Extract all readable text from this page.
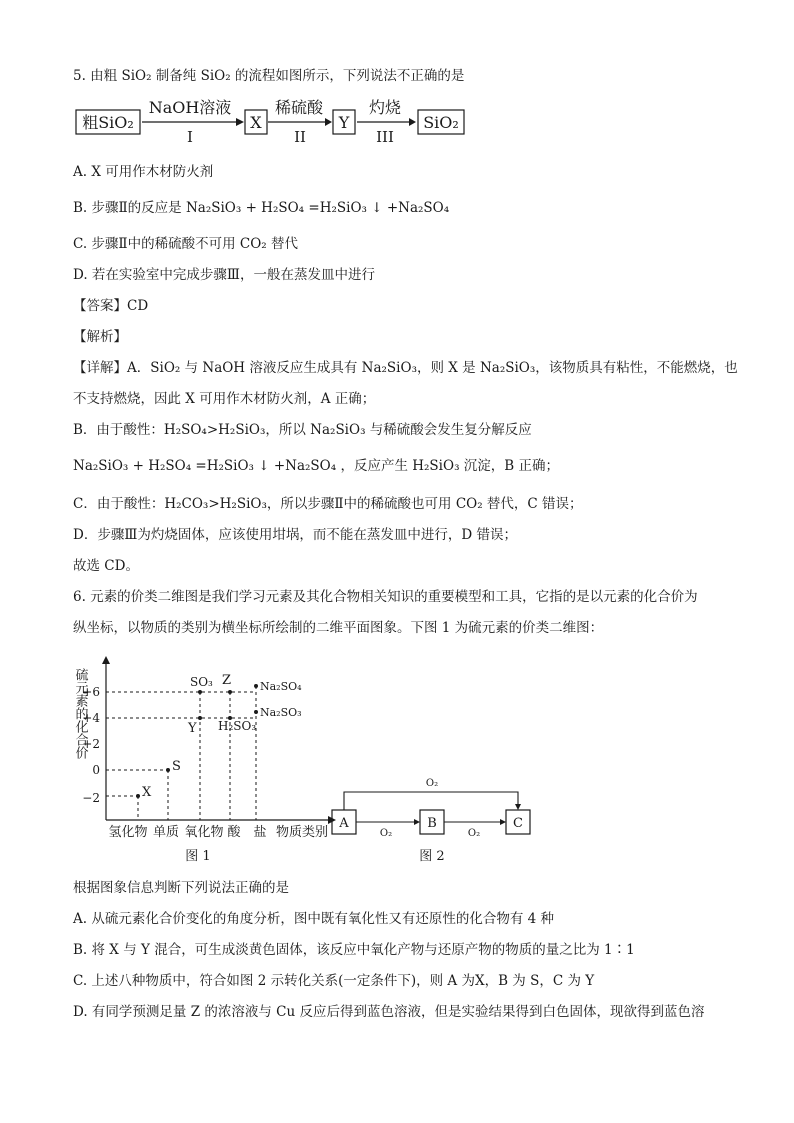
5. 由粗 SiO₂ 制备纯 SiO₂ 的流程如图所示，下列说法不正确的是
粗SiO₂
NaOH溶液
I
X
稀硫酸
II
Y
灼烧
III
SiO₂
A. X 可用作木材防火剂
B. 步骤Ⅱ的反应是 Na₂SiO₃ + H₂SO₄ =H₂SiO₃ ↓ +Na₂SO₄
C. 步骤Ⅱ中的稀硫酸不可用 CO₂ 替代
D. 若在实验室中完成步骤Ⅲ，一般在蒸发皿中进行
【答案】CD
【解析】
【详解】A．SiO₂ 与 NaOH 溶液反应生成具有 Na₂SiO₃，则 X 是 Na₂SiO₃，该物质具有粘性，不能燃烧，也
不支持燃烧，因此 X 可用作木材防火剂，A 正确；
B．由于酸性：H₂SO₄>H₂SiO₃，所以 Na₂SiO₃ 与稀硫酸会发生复分解反应
Na₂SiO₃ + H₂SO₄ =H₂SiO₃ ↓ +Na₂SO₄ ，反应产生 H₂SiO₃ 沉淀，B 正确；
C．由于酸性：H₂CO₃>H₂SiO₃，所以步骤Ⅱ中的稀硫酸也可用 CO₂ 替代，C 错误；
D．步骤Ⅲ为灼烧固体，应该使用坩埚，而不能在蒸发皿中进行，D 错误；
故选 CD。
6. 元素的价类二维图是我们学习元素及其化合物相关知识的重要模型和工具，它指的是以元素的化合价为
纵坐标，以物质的类别为横坐标所绘制的二维平面图象。下图 1 为硫元素的价类二维图：
硫元素的化合价
+6
+4
+2
0
−2	X
S
SO₃
Y
Z
H₂SO₃
Na₂SO₄
Na₂SO₃
氢化物 单质 氧化物 酸 盐 物质类别
图 1
A	B	C
O₂	O₂
O₂
图 2
根据图象信息判断下列说法正确的是
A. 从硫元素化合价变化的角度分析，图中既有氧化性又有还原性的化合物有 4 种
B. 将 X 与 Y 混合，可生成淡黄色固体，该反应中氧化产物与还原产物的物质的量之比为 1∶1
C. 上述八种物质中，符合如图 2 示转化关系(一定条件下)，则 A 为X，B 为 S，C 为 Y
D. 有同学预测足量 Z 的浓溶液与 Cu 反应后得到蓝色溶液，但是实验结果得到白色固体，现欲得到蓝色溶
